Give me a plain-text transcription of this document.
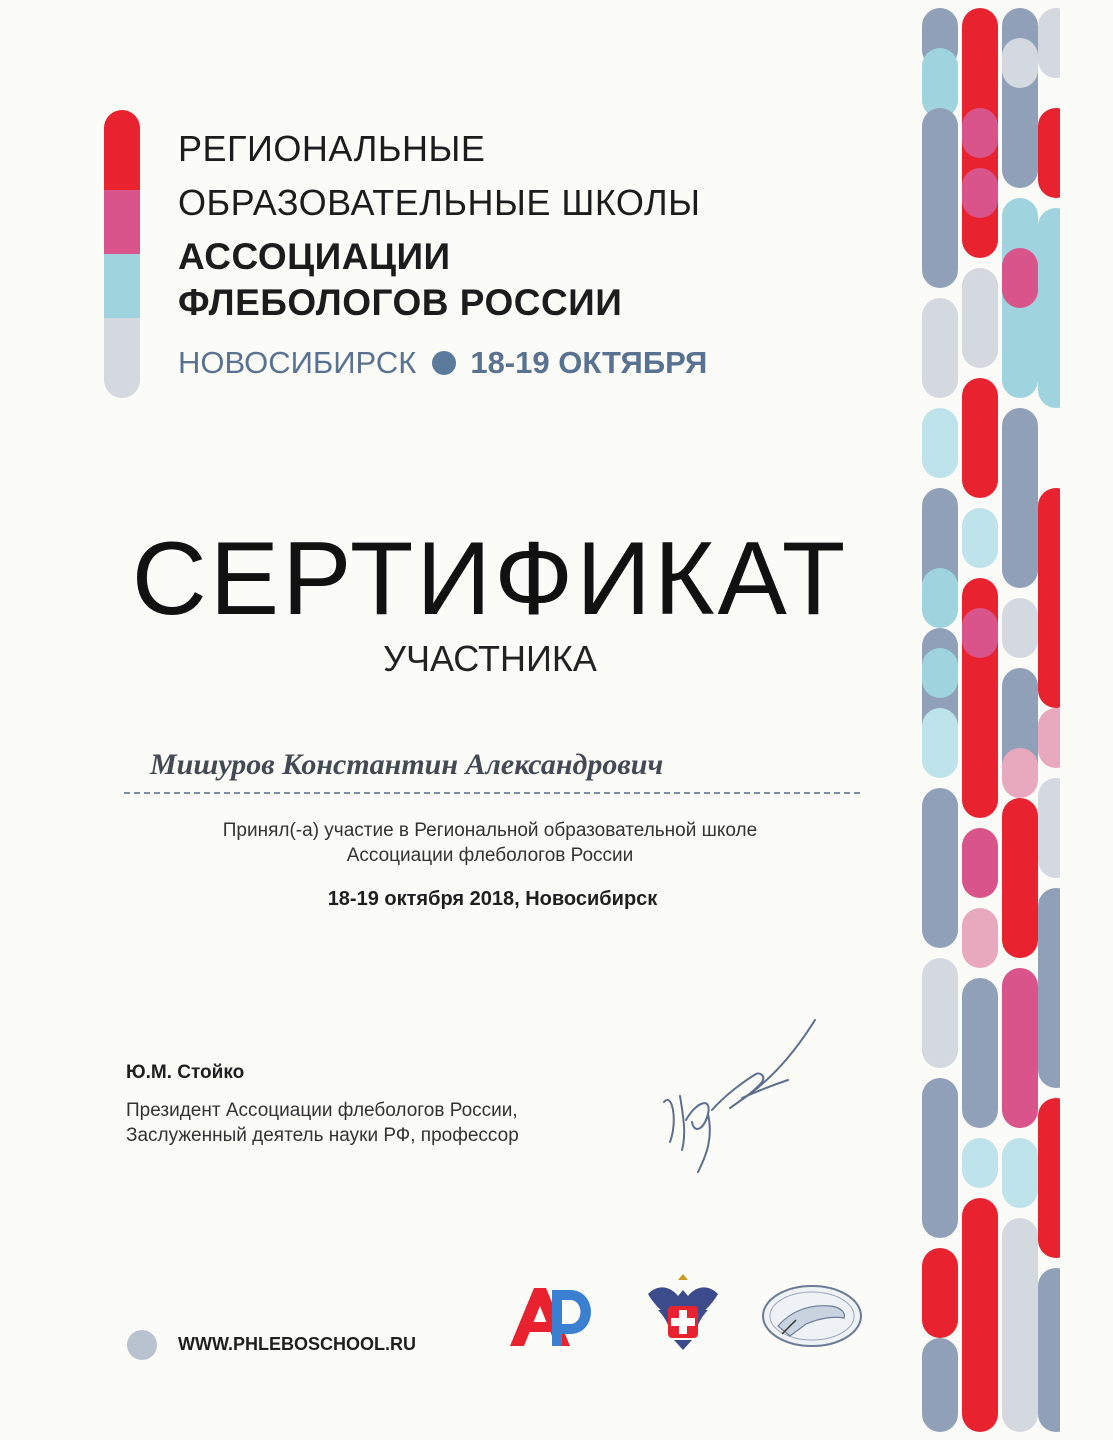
РЕГИОНАЛЬНЫЕ
ОБРАЗОВАТЕЛЬНЫЕ ШКОЛЫ
АССОЦИАЦИИ
ФЛЕБОЛОГОВ РОССИИ
НОВОСИБИРСК 18-19 ОКТЯБРЯ
СЕРТИФИКАТ
УЧАСТНИКА
Мишуров Константин Александрович
Принял(-а) участие в Региональной образовательной школе
Ассоциации флебологов России
18-19 октября 2018, Новосибирск
Ю.М. Стойко
Президент Ассоциации флебологов России,
Заслуженный деятель науки РФ, профессор
WWW.PHLEBOSCHOOL.RU
